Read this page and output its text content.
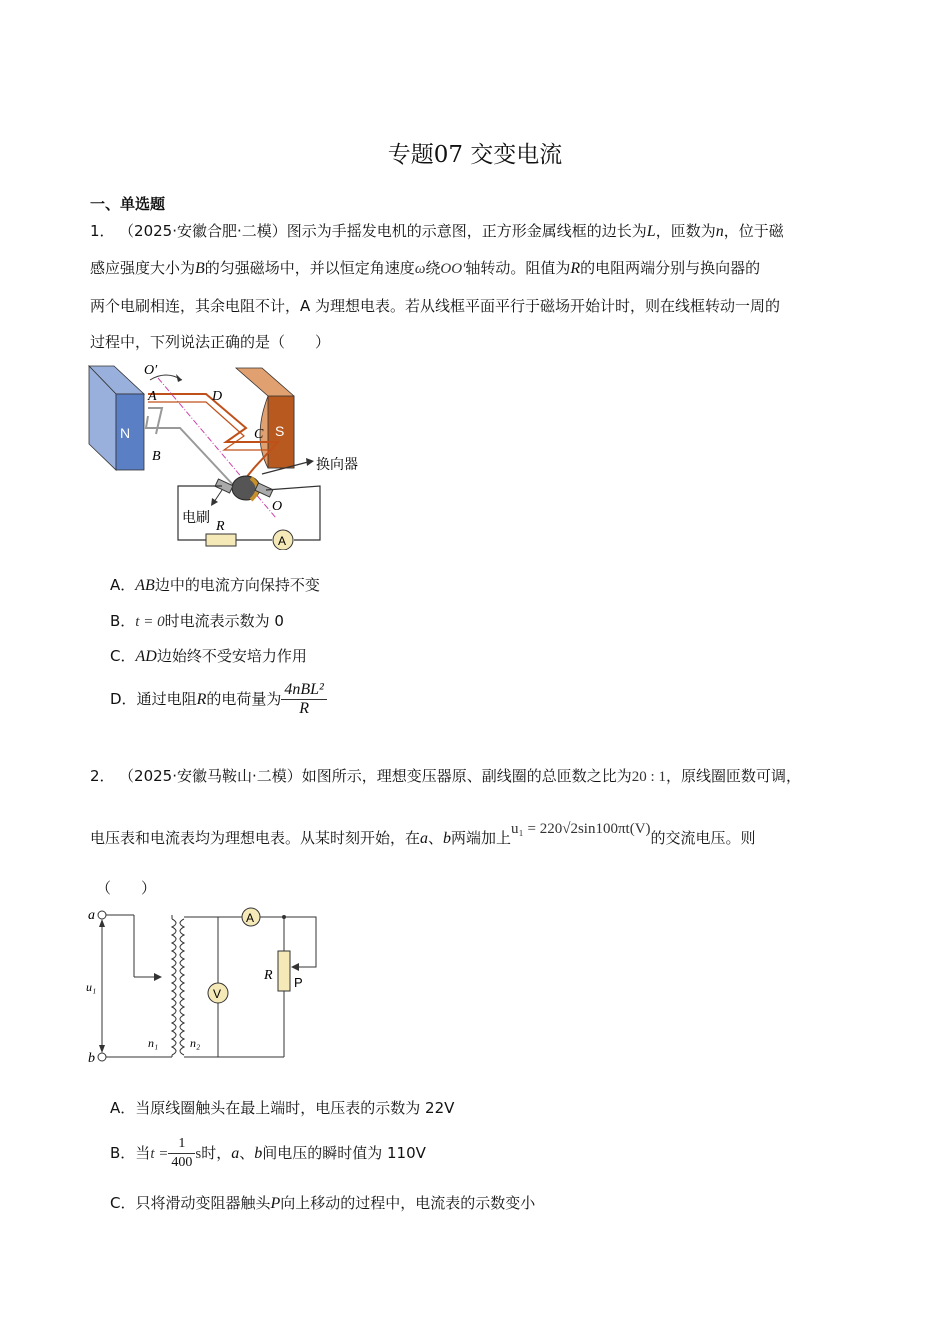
专题07 交变电流
一、单选题
1． （2025·安徽合肥·二模）图示为手摇发电机的示意图，正方形金属线框的边长为L，匝数为n，位于磁
感应强度大小为B的匀强磁场中，并以恒定角速度ω绕OO′轴转动。阻值为R的电阻两端分别与换向器的
两个电刷相连，其余电阻不计，A 为理想电表。若从线框平面平行于磁场开始计时，则在线框转动一周的
过程中，下列说法正确的是（　　）
N	S
A
O′
A	D
C
B	换向器
O
电刷
R
A．AB边中的电流方向保持不变
B．t = 0时电流表示数为 0
C．AD边始终不受安培力作用
D．通过电阻R的电荷量为 $\frac{\text{4nBL²}}{R}$
2． （2025·安徽马鞍山·二模）如图所示，理想变压器原、副线圈的总匝数之比为20 : 1，原线圈匝数可调，
电压表和电流表均为理想电表。从某时刻开始，在a、b两端加上u₁ = 220√2sin100πt(V)的交流电压。则
（　　）
a
b
u₁
n₁	n₂
V
A
R P
A．当原线圈触头在最上端时，电压表的示数为 22V
B．当$t = \frac{1}{400}$ s时，a、b间电压的瞬时值为 110V
C．只将滑动变阻器触头P向上移动的过程中，电流表的示数变小
